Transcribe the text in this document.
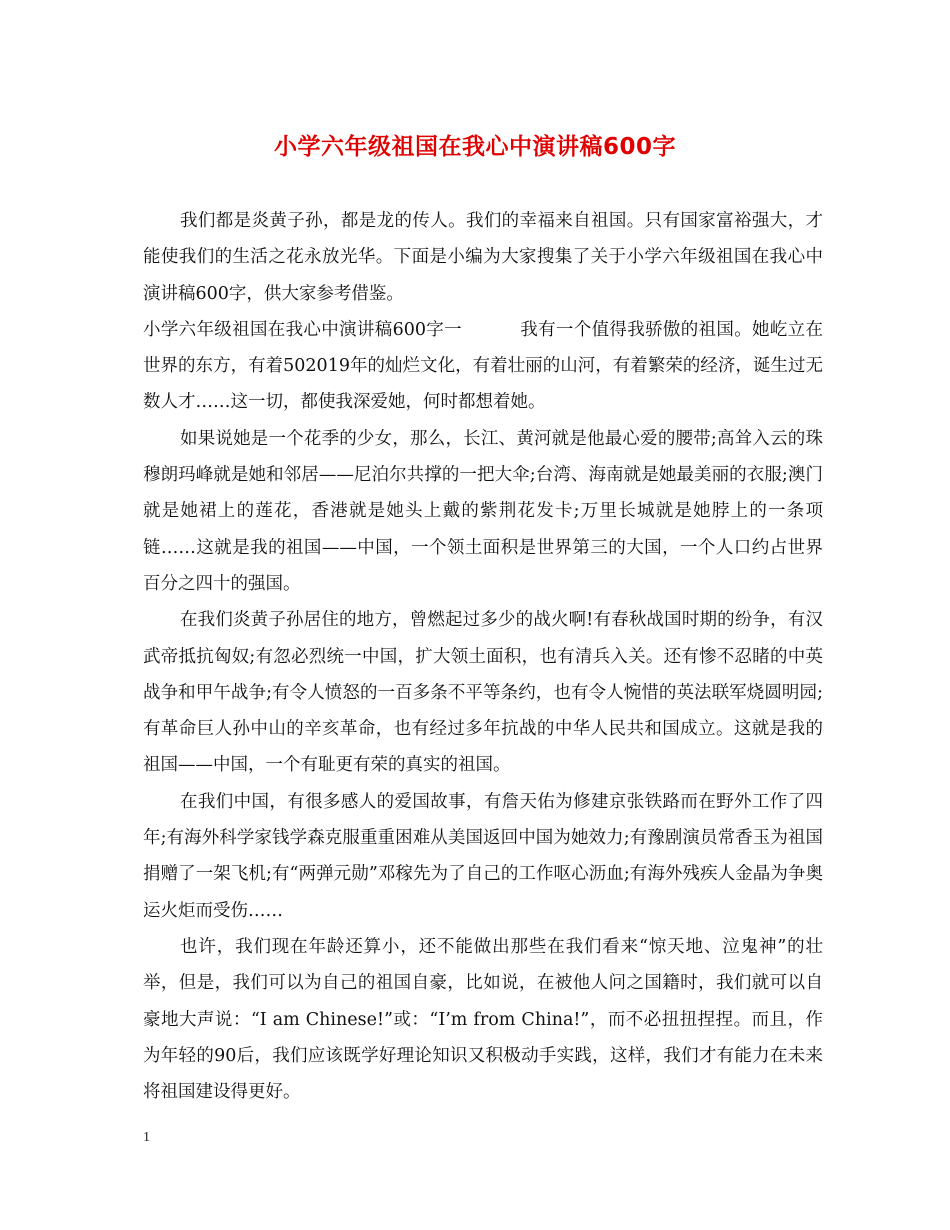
小学六年级祖国在我心中演讲稿600字

我们都是炎黄子孙，都是龙的传人。我们的幸福来自祖国。只有国家富裕强大，才能使我们的生活之花永放光华。下面是小编为大家搜集了关于小学六年级祖国在我心中演讲稿600字，供大家参考借鉴。

小学六年级祖国在我心中演讲稿600字一	我有一个值得我骄傲的祖国。她屹立在世界的东方，有着502019年的灿烂文化，有着壮丽的山河，有着繁荣的经济，诞生过无数人才……这一切，都使我深爱她，何时都想着她。

如果说她是一个花季的少女，那么，长江、黄河就是他最心爱的腰带;高耸入云的珠穆朗玛峰就是她和邻居——尼泊尔共撑的一把大伞;台湾、海南就是她最美丽的衣服;澳门就是她裙上的莲花，香港就是她头上戴的紫荆花发卡;万里长城就是她脖上的一条项链……这就是我的祖国——中国，一个领土面积是世界第三的大国，一个人口约占世界百分之四十的强国。

在我们炎黄子孙居住的地方，曾燃起过多少的战火啊!有春秋战国时期的纷争，有汉武帝抵抗匈奴;有忽必烈统一中国，扩大领土面积，也有清兵入关。还有惨不忍睹的中英战争和甲午战争;有令人愤怒的一百多条不平等条约，也有令人惋惜的英法联军烧圆明园;有革命巨人孙中山的辛亥革命，也有经过多年抗战的中华人民共和国成立。这就是我的祖国——中国，一个有耻更有荣的真实的祖国。

在我们中国，有很多感人的爱国故事，有詹天佑为修建京张铁路而在野外工作了四年;有海外科学家钱学森克服重重困难从美国返回中国为她效力;有豫剧演员常香玉为祖国捐赠了一架飞机;有“两弹元勋”邓稼先为了自己的工作呕心沥血;有海外残疾人金晶为争奥运火炬而受伤……

也许，我们现在年龄还算小，还不能做出那些在我们看来“惊天地、泣鬼神”的壮举，但是，我们可以为自己的祖国自豪，比如说，在被他人问之国籍时，我们就可以自豪地大声说：“I am Chinese!”或：“I’m from China!”，而不必扭扭捏捏。而且，作为年轻的90后，我们应该既学好理论知识又积极动手实践，这样，我们才有能力在未来将祖国建设得更好。

1
